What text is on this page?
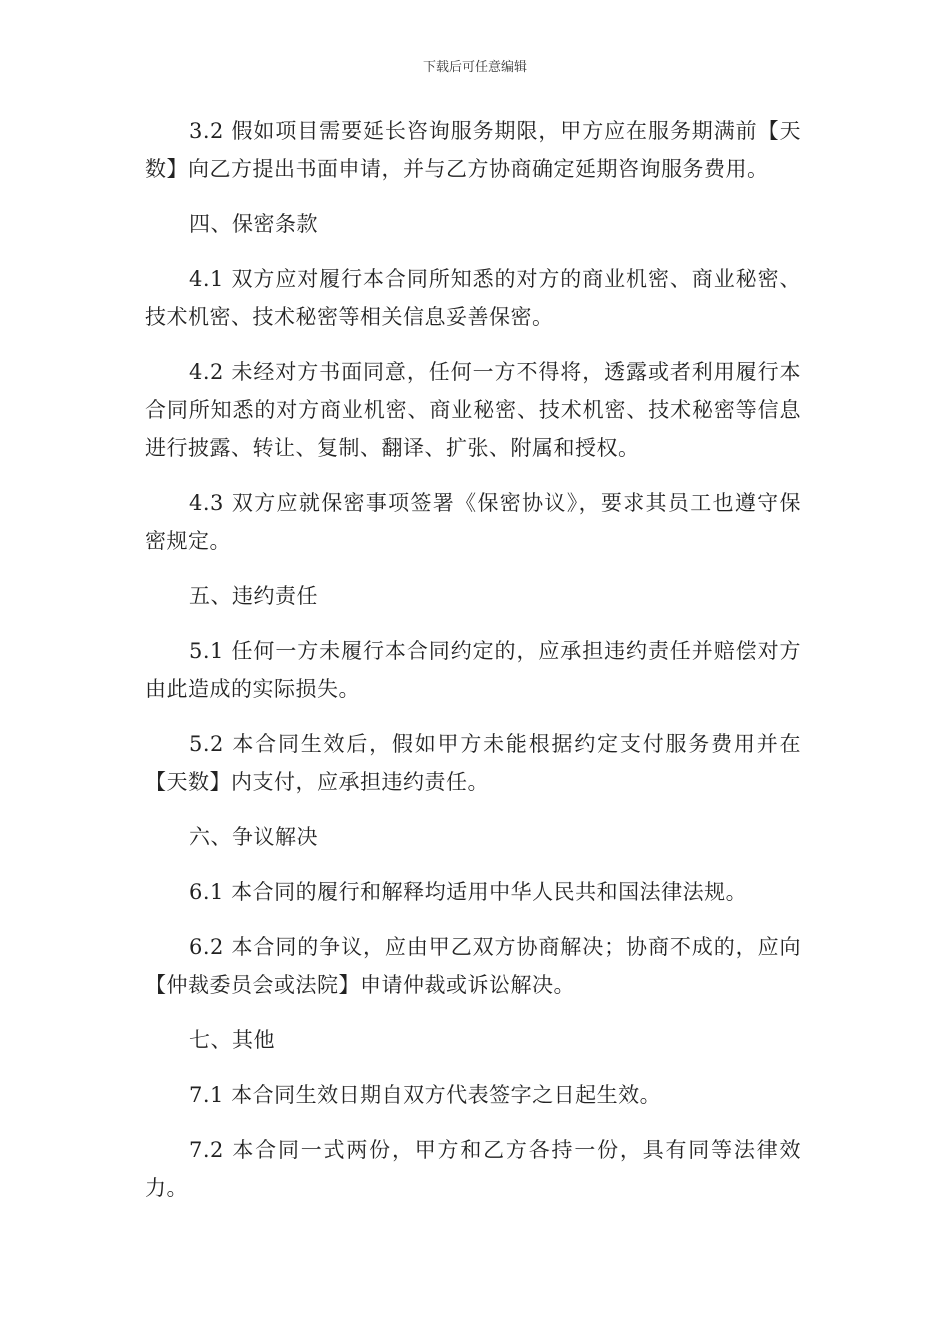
下载后可任意编辑

3.2 假如项目需要延长咨询服务期限，甲方应在服务期满前【天数】向乙方提出书面申请，并与乙方协商确定延期咨询服务费用。

四、保密条款

4.1 双方应对履行本合同所知悉的对方的商业机密、商业秘密、技术机密、技术秘密等相关信息妥善保密。

4.2 未经对方书面同意，任何一方不得将，透露或者利用履行本合同所知悉的对方商业机密、商业秘密、技术机密、技术秘密等信息进行披露、转让、复制、翻译、扩张、附属和授权。

4.3 双方应就保密事项签署《保密协议》，要求其员工也遵守保密规定。

五、违约责任

5.1 任何一方未履行本合同约定的，应承担违约责任并赔偿对方由此造成的实际损失。

5.2 本合同生效后，假如甲方未能根据约定支付服务费用并在【天数】内支付，应承担违约责任。

六、争议解决

6.1 本合同的履行和解释均适用中华人民共和国法律法规。

6.2 本合同的争议，应由甲乙双方协商解决；协商不成的，应向【仲裁委员会或法院】申请仲裁或诉讼解决。

七、其他

7.1 本合同生效日期自双方代表签字之日起生效。

7.2 本合同一式两份，甲方和乙方各持一份，具有同等法律效力。
